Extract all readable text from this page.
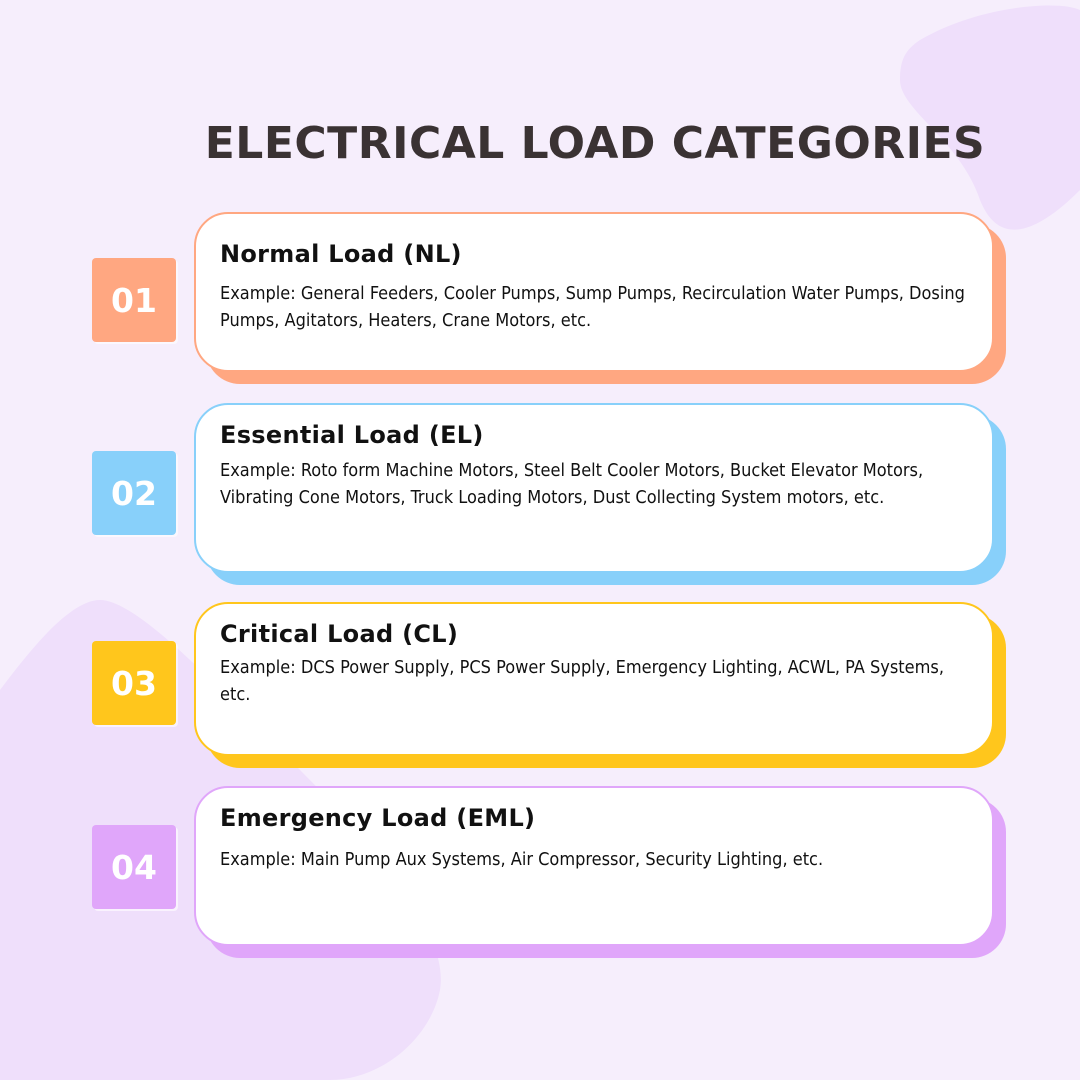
ELECTRICAL LOAD CATEGORIES
01
Normal Load (NL)

Example: General Feeders, Cooler Pumps, Sump Pumps, Recirculation Water Pumps, Dosing Pumps, Agitators, Heaters, Crane Motors, etc.

02
Essential Load (EL)

Example: Roto form Machine Motors, Steel Belt Cooler Motors, Bucket Elevator Motors, Vibrating Cone Motors, Truck Loading Motors, Dust Collecting System motors, etc.

03
Critical Load (CL)

Example: DCS Power Supply, PCS Power Supply, Emergency Lighting, ACWL, PA Systems, etc.

04
Emergency Load (EML)

Example: Main Pump Aux Systems, Air Compressor, Security Lighting, etc.
